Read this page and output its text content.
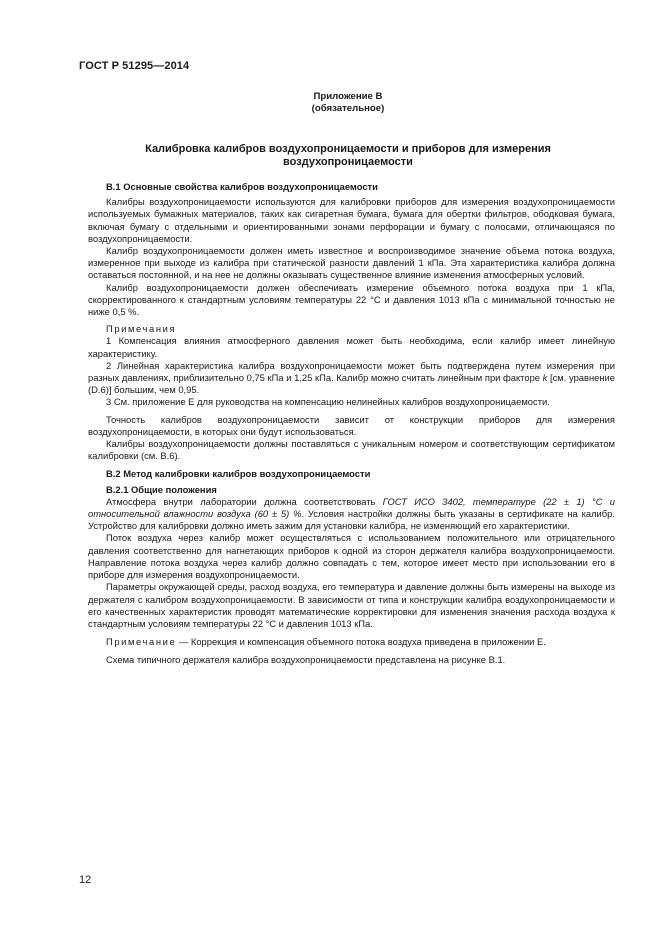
ГОСТ Р 51295—2014
Приложение В
(обязательное)
Калибровка калибров воздухопроницаемости и приборов для измерения воздухопроницаемости
В.1 Основные свойства калибров воздухопроницаемости

Калибры воздухопроницаемости используются для калибровки приборов для измерения воздухопроницаемости используемых бумажных материалов, таких как сигаретная бумага, бумага для обертки фильтров, ободковая бумага, включая бумагу с отдельными и ориентированными зонами перфорации и бумагу с полосами, отличающаяся по воздухопроницаемости.

Калибр воздухопроницаемости должен иметь известное и воспроизводимое значение объема потока воздуха, измеренное при выходе из калибра при статической разности давлений 1 кПа. Эта характеристика калибра должна оставаться постоянной, и на нее не должны оказывать существенное влияние изменения атмосферных условий.

Калибр воздухопроницаемости должен обеспечивать измерение объемного потока воздуха при 1 кПа, скорректированного к стандартным условиям температуры 22 °С и давления 1013 кПа с минимальной точностью не ниже 0,5 %.

Примечания

1 Компенсация влияния атмосферного давления может быть необходима, если калибр имеет линейную характеристику.

2 Линейная характеристика калибра воздухопроницаемости может быть подтверждена путем измерения при разных давлениях, приблизительно 0,75 кПа и 1,25 кПа. Калибр можно считать линейным при факторе k [см. уравнение (D.6)] большим, чем 0,95.

3 См. приложение Е для руководства на компенсацию нелинейных калибров воздухопроницаемости.

Точность калибров воздухопроницаемости зависит от конструкции приборов для измерения воздухопроницаемости, в которых они будут использоваться.

Калибры воздухопроницаемости должны поставляться с уникальным номером и соответствующим сертификатом калибровки (см. В.6).

В.2 Метод калибровки калибров воздухопроницаемости
В.2.1 Общие положения

Атмосфера внутри лаборатории должна соответствовать ГОСТ ИСО 3402, температуре (22 ± 1) °С и относительной влажности воздуха (60 ± 5) %. Условия настройки должны быть указаны в сертификате на калибр. Устройство для калибровки должно иметь зажим для установки калибра, не изменяющий его характеристики.

Поток воздуха через калибр может осуществляться с использованием положительного или отрицательного давления соответственно для нагнетающих приборов к одной из сторон держателя калибра воздухопроницаемости. Направление потока воздуха через калибр должно совпадать с тем, которое имеет место при использовании его в приборе для измерения воздухопроницаемости.

Параметры окружающей среды, расход воздуха, его температура и давление должны быть измерены на выходе из держателя с калибром воздухопроницаемости. В зависимости от типа и конструкции калибра воздухопроницаемости и его качественных характеристик проводят математические корректировки для изменения значения расхода воздуха к стандартным условиям температуры 22 °С и давления 1013 кПа.

Примечание — Коррекция и компенсация объемного потока воздуха приведена в приложении Е.

Схема типичного держателя калибра воздухопроницаемости представлена на рисунке В.1.

12
